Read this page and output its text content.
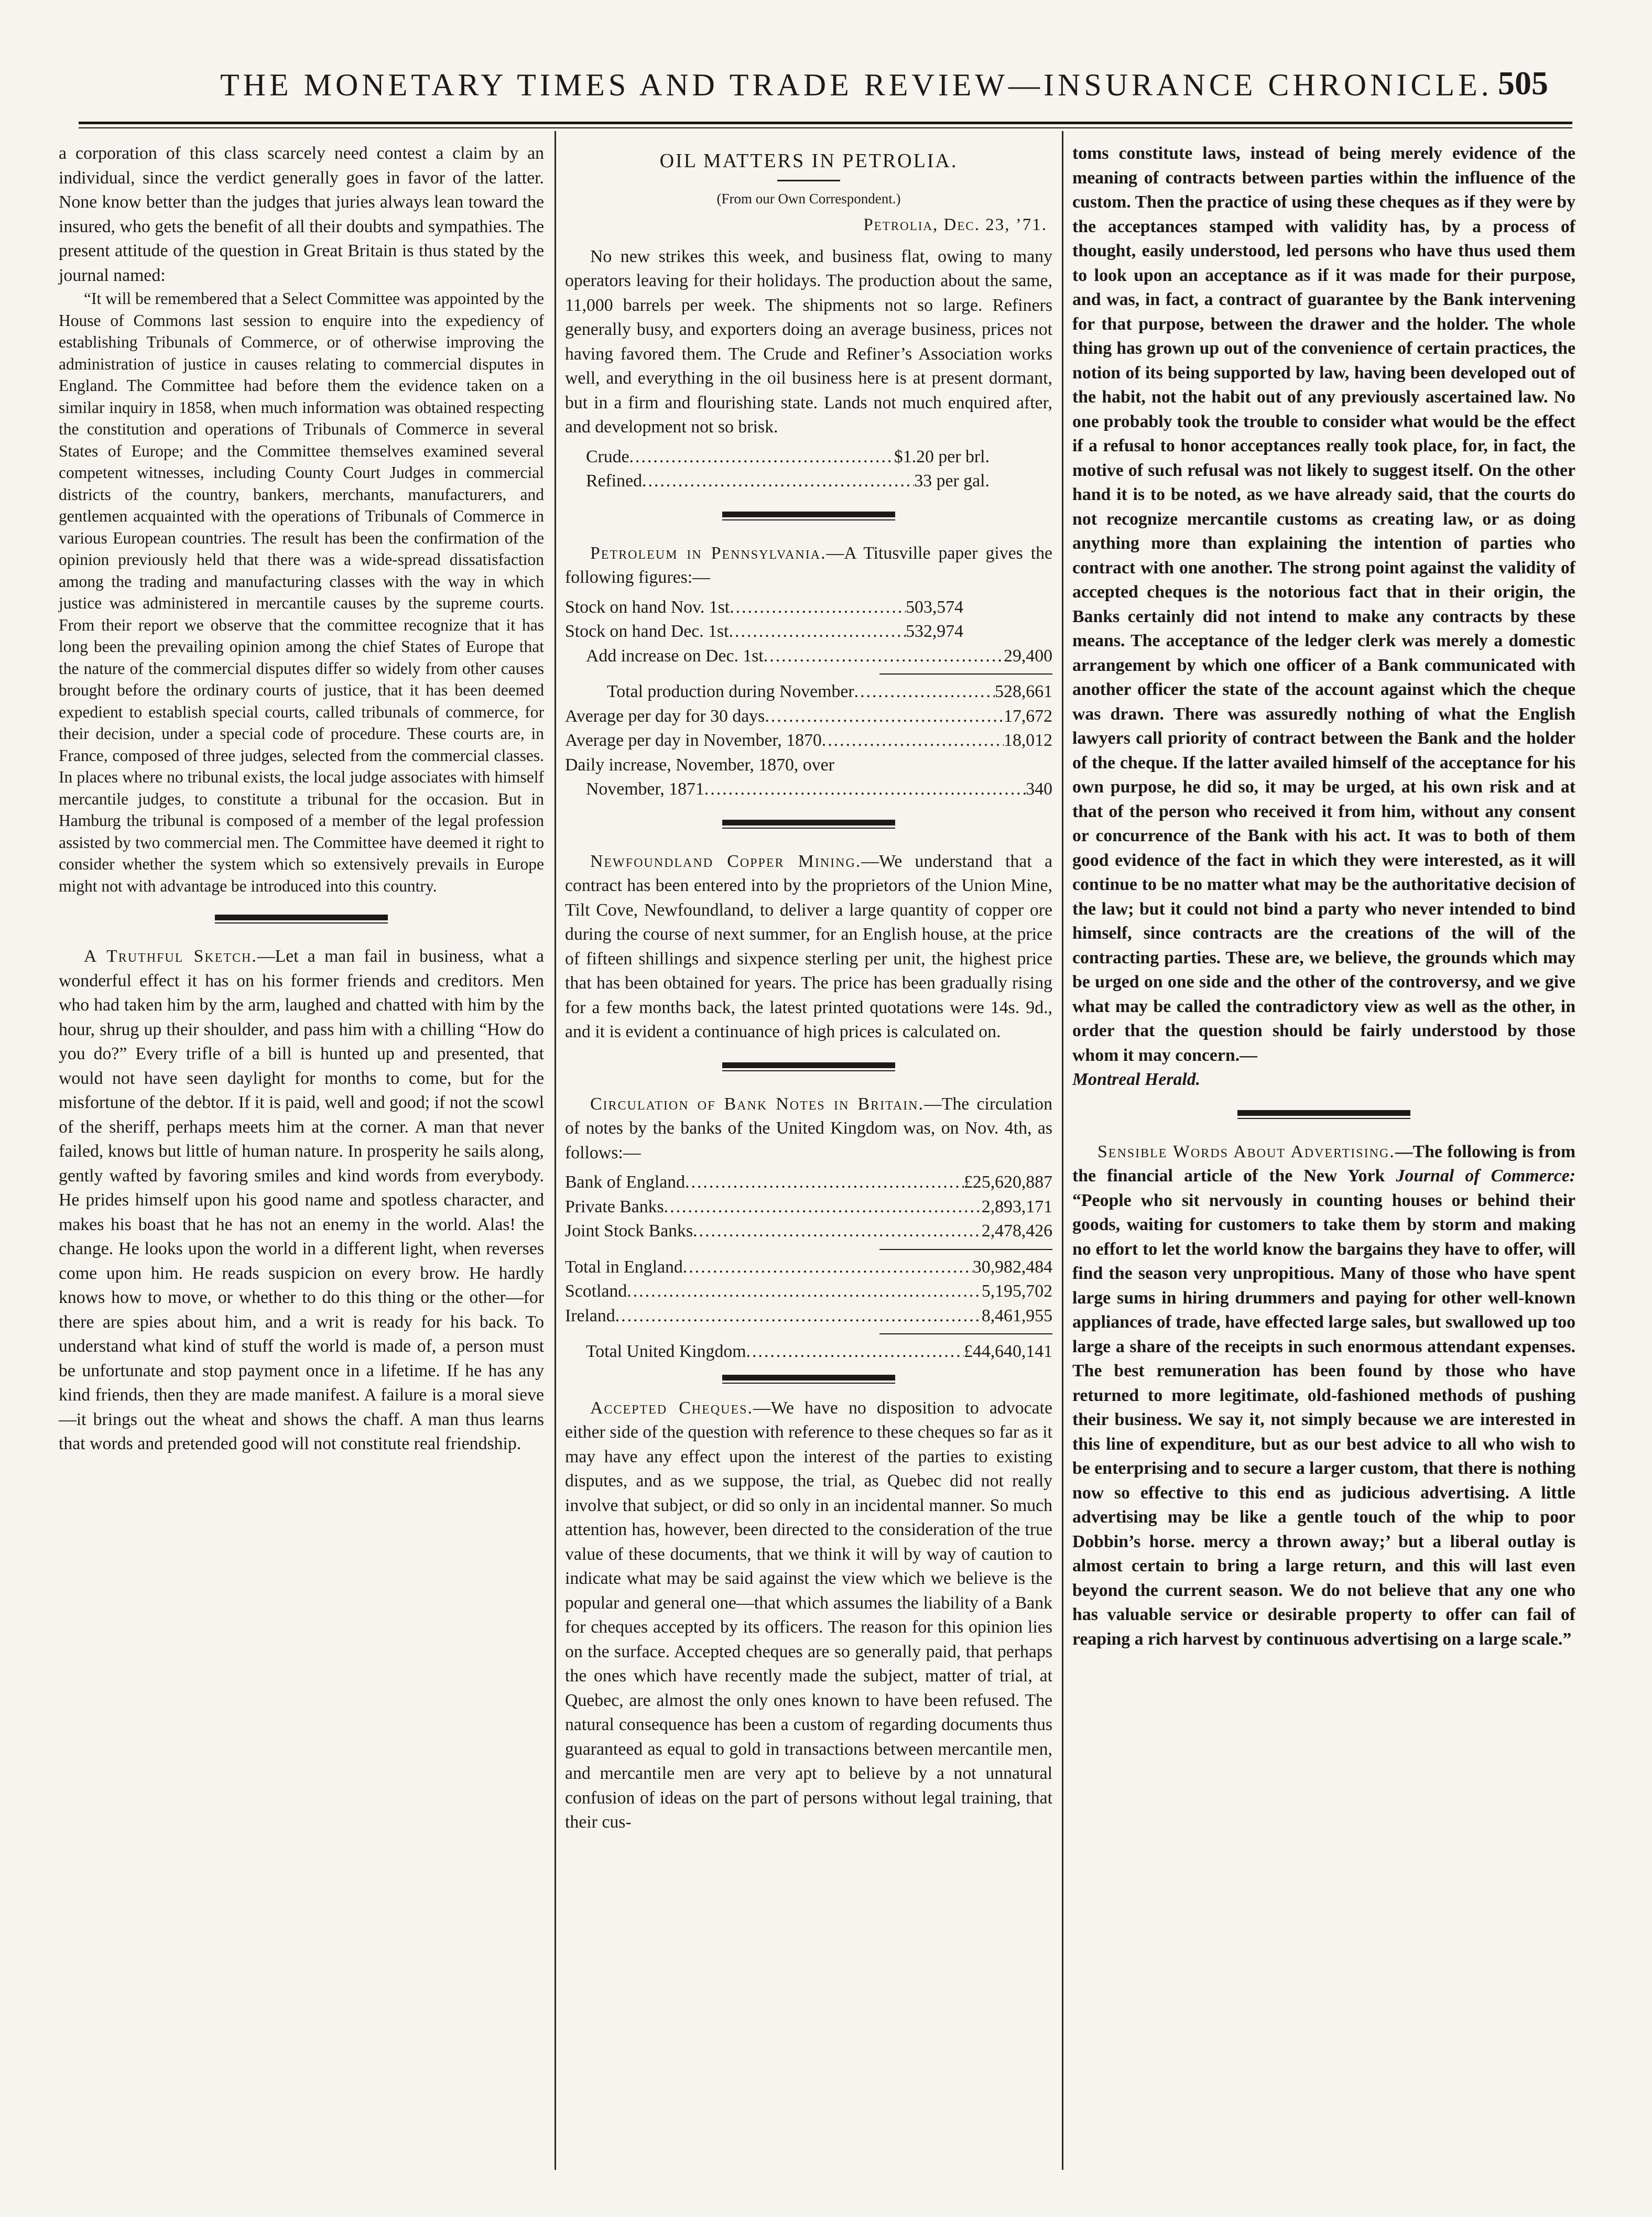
THE MONETARY TIMES AND TRADE REVIEW—INSURANCE CHRONICLE. 505

a corporation of this class scarcely need contest a claim by an individual, since the verdict generally goes in favor of the latter. None know better than the judges that juries always lean toward the insured, who gets the benefit of all their doubts and sympathies. The present attitude of the question in Great Britain is thus stated by the journal named:

“It will be remembered that a Select Committee was appointed by the House of Commons last session to enquire into the expediency of establishing Tribunals of Commerce, or of otherwise improving the administration of justice in causes relating to commercial disputes in England. The Committee had before them the evidence taken on a similar inquiry in 1858, when much information was obtained respecting the constitution and operations of Tribunals of Commerce in several States of Europe; and the Committee themselves examined several competent witnesses, including County Court Judges in commercial districts of the country, bankers, merchants, manufacturers, and gentlemen acquainted with the operations of Tribunals of Commerce in various European countries. The result has been the confirmation of the opinion previously held that there was a wide-spread dissatisfaction among the trading and manufacturing classes with the way in which justice was administered in mercantile causes by the supreme courts. From their report we observe that the committee recognize that it has long been the prevailing opinion among the chief States of Europe that the nature of the commercial disputes differ so widely from other causes brought before the ordinary courts of justice, that it has been deemed expedient to establish special courts, called tribunals of commerce, for their decision, under a special code of procedure. These courts are, in France, composed of three judges, selected from the commercial classes. In places where no tribunal exists, the local judge associates with himself mercantile judges, to constitute a tribunal for the occasion. But in Hamburg the tribunal is composed of a member of the legal profession assisted by two commercial men. The Committee have deemed it right to consider whether the system which so extensively prevails in Europe might not with advantage be introduced into this country.

A Truthful Sketch.—Let a man fail in business, what a wonderful effect it has on his former friends and creditors. Men who had taken him by the arm, laughed and chatted with him by the hour, shrug up their shoulder, and pass him with a chilling “How do you do?” Every trifle of a bill is hunted up and presented, that would not have seen daylight for months to come, but for the misfortune of the debtor. If it is paid, well and good; if not the scowl of the sheriff, perhaps meets him at the corner. A man that never failed, knows but little of human nature. In prosperity he sails along, gently wafted by favoring smiles and kind words from everybody. He prides himself upon his good name and spotless character, and makes his boast that he has not an enemy in the world. Alas! the change. He looks upon the world in a different light, when reverses come upon him. He reads suspicion on every brow. He hardly knows how to move, or whether to do this thing or the other—for there are spies about him, and a writ is ready for his back. To understand what kind of stuff the world is made of, a person must be unfortunate and stop payment once in a lifetime. If he has any kind friends, then they are made manifest. A failure is a moral sieve—it brings out the wheat and shows the chaff. A man thus learns that words and pretended good will not constitute real friendship.

OIL MATTERS IN PETROLIA.
(From our Own Correspondent.)
Petrolia, Dec. 23, ’71.

No new strikes this week, and business flat, owing to many operators leaving for their holidays. The production about the same, 11,000 barrels per week. The shipments not so large. Refiners generally busy, and exporters doing an average business, prices not having favored them. The Crude and Refiner’s Association works well, and everything in the oil business here is at present dormant, but in a firm and flourishing state. Lands not much enquired after, and development not so brisk.

Crude .....	$1.20 per brl.
Refined .....	33 per gal.

Petroleum in Pennsylvania.—A Titusville paper gives the following figures:—

Stock on hand Nov. 1st .....	503,574
Stock on hand Dec. 1st .....	532,974
Add increase on Dec. 1st .....	29,400
Total production during November .....	528,661
Average per day for 30 days .....	17,672
Average per day in November, 1870 .....	18,012
Daily increase, November, 1870, over
November, 1871 .....	340

Newfoundland Copper Mining.—We understand that a contract has been entered into by the proprietors of the Union Mine, Tilt Cove, Newfoundland, to deliver a large quantity of copper ore during the course of next summer, for an English house, at the price of fifteen shillings and sixpence sterling per unit, the highest price that has been obtained for years. The price has been gradually rising for a few months back, the latest printed quotations were 14s. 9d., and it is evident a continuance of high prices is calculated on.

Circulation of Bank Notes in Britain.—The circulation of notes by the banks of the United Kingdom was, on Nov. 4th, as follows:—

Bank of England .....	£25,620,887
Private Banks .....	2,893,171
Joint Stock Banks .....	2,478,426
Total in England .....	30,982,484
Scotland .....	5,195,702
Ireland .....	8,461,955
Total United Kingdom .....	£44,640,141

Accepted Cheques.—We have no disposition to advocate either side of the question with reference to these cheques so far as it may have any effect upon the interest of the parties to existing disputes, and as we suppose, the trial, as Quebec did not really involve that subject, or did so only in an incidental manner. So much attention has, however, been directed to the consideration of the true value of these documents, that we think it will by way of caution to indicate what may be said against the view which we believe is the popular and general one—that which assumes the liability of a Bank for cheques accepted by its officers. The reason for this opinion lies on the surface. Accepted cheques are so generally paid, that perhaps the ones which have recently made the subject, matter of trial, at Quebec, are almost the only ones known to have been refused. The natural consequence has been a custom of regarding documents thus guaranteed as equal to gold in transactions between mercantile men, and mercantile men are very apt to believe by a not unnatural confusion of ideas on the part of persons without legal training, that their cus-

toms constitute laws, instead of being merely evidence of the meaning of contracts between parties within the influence of the custom. Then the practice of using these cheques as if they were by the acceptances stamped with validity has, by a process of thought, easily understood, led persons who have thus used them to look upon an acceptance as if it was made for their purpose, and was, in fact, a contract of guarantee by the Bank intervening for that purpose, between the drawer and the holder. The whole thing has grown up out of the convenience of certain practices, the notion of its being supported by law, having been developed out of the habit, not the habit out of any previously ascertained law. No one probably took the trouble to consider what would be the effect if a refusal to honor acceptances really took place, for, in fact, the motive of such refusal was not likely to suggest itself. On the other hand it is to be noted, as we have already said, that the courts do not recognize mercantile customs as creating law, or as doing anything more than explaining the intention of parties who contract with one another. The strong point against the validity of accepted cheques is the notorious fact that in their origin, the Banks certainly did not intend to make any contracts by these means. The acceptance of the ledger clerk was merely a domestic arrangement by which one officer of a Bank communicated with another officer the state of the account against which the cheque was drawn. There was assuredly nothing of what the English lawyers call priority of contract between the Bank and the holder of the cheque. If the latter availed himself of the acceptance for his own purpose, he did so, it may be urged, at his own risk and at that of the person who received it from him, without any consent or concurrence of the Bank with his act. It was to both of them good evidence of the fact in which they were interested, as it will continue to be no matter what may be the authoritative decision of the law; but it could not bind a party who never intended to bind himself, since contracts are the creations of the will of the contracting parties. These are, we believe, the grounds which may be urged on one side and the other of the controversy, and we give what may be called the contradictory view as well as the other, in order that the question should be fairly understood by those whom it may concern.—

Montreal Herald.

Sensible Words About Advertising.—The following is from the financial article of the New York Journal of Commerce: “People who sit nervously in counting houses or behind their goods, waiting for customers to take them by storm and making no effort to let the world know the bargains they have to offer, will find the season very unpropitious. Many of those who have spent large sums in hiring drummers and paying for other well-known appliances of trade, have effected large sales, but swallowed up too large a share of the receipts in such enormous attendant expenses. The best remuneration has been found by those who have returned to more legitimate, old-fashioned methods of pushing their business. We say it, not simply because we are interested in this line of expenditure, but as our best advice to all who wish to be enterprising and to secure a larger custom, that there is nothing now so effective to this end as judicious advertising. A little advertising may be like a gentle touch of the whip to poor Dobbin’s horse. mercy a thrown away;’ but a liberal outlay is almost certain to bring a large return, and this will last even beyond the current season. We do not believe that any one who has valuable service or desirable property to offer can fail of reaping a rich harvest by continuous advertising on a large scale.”
